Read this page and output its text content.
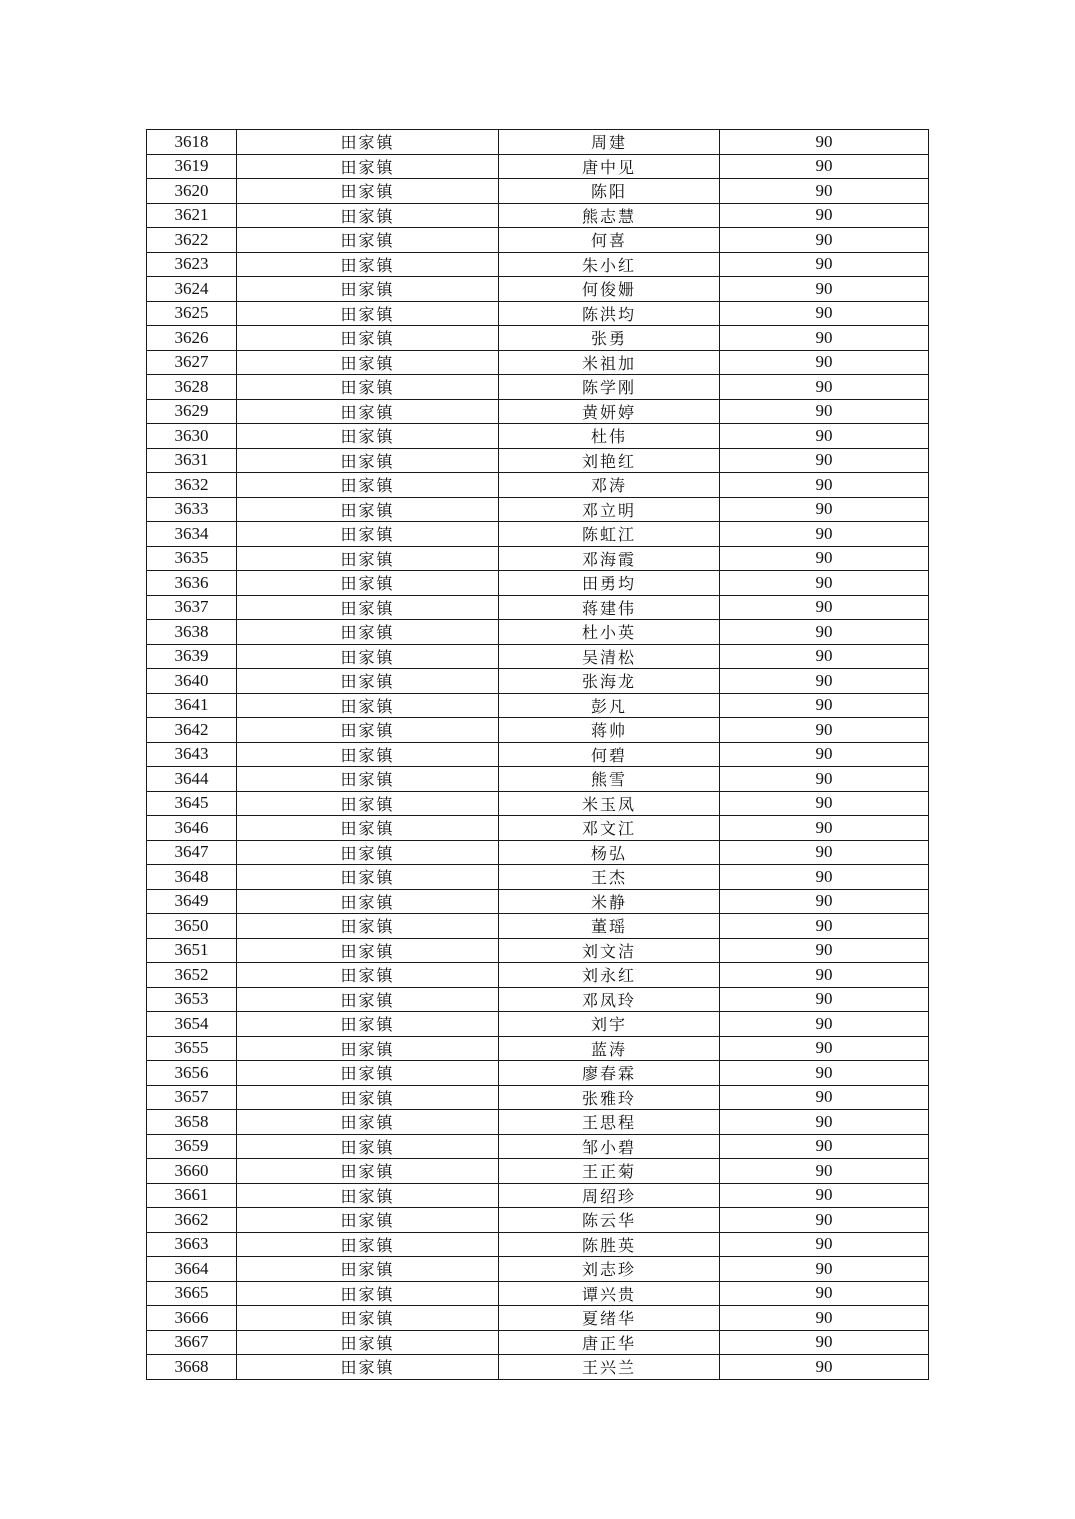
3618	田家镇	周建	90
3619	田家镇	唐中见	90
3620	田家镇	陈阳	90
3621	田家镇	熊志慧	90
3622	田家镇	何喜	90
3623	田家镇	朱小红	90
3624	田家镇	何俊姗	90
3625	田家镇	陈洪均	90
3626	田家镇	张勇	90
3627	田家镇	米祖加	90
3628	田家镇	陈学刚	90
3629	田家镇	黄妍婷	90
3630	田家镇	杜伟	90
3631	田家镇	刘艳红	90
3632	田家镇	邓涛	90
3633	田家镇	邓立明	90
3634	田家镇	陈虹江	90
3635	田家镇	邓海霞	90
3636	田家镇	田勇均	90
3637	田家镇	蒋建伟	90
3638	田家镇	杜小英	90
3639	田家镇	吴清松	90
3640	田家镇	张海龙	90
3641	田家镇	彭凡	90
3642	田家镇	蒋帅	90
3643	田家镇	何碧	90
3644	田家镇	熊雪	90
3645	田家镇	米玉凤	90
3646	田家镇	邓文江	90
3647	田家镇	杨弘	90
3648	田家镇	王杰	90
3649	田家镇	米静	90
3650	田家镇	董瑶	90
3651	田家镇	刘文洁	90
3652	田家镇	刘永红	90
3653	田家镇	邓凤玲	90
3654	田家镇	刘宇	90
3655	田家镇	蓝涛	90
3656	田家镇	廖春霖	90
3657	田家镇	张雅玲	90
3658	田家镇	王思程	90
3659	田家镇	邹小碧	90
3660	田家镇	王正菊	90
3661	田家镇	周绍珍	90
3662	田家镇	陈云华	90
3663	田家镇	陈胜英	90
3664	田家镇	刘志珍	90
3665	田家镇	谭兴贵	90
3666	田家镇	夏绪华	90
3667	田家镇	唐正华	90
3668	田家镇	王兴兰	90
